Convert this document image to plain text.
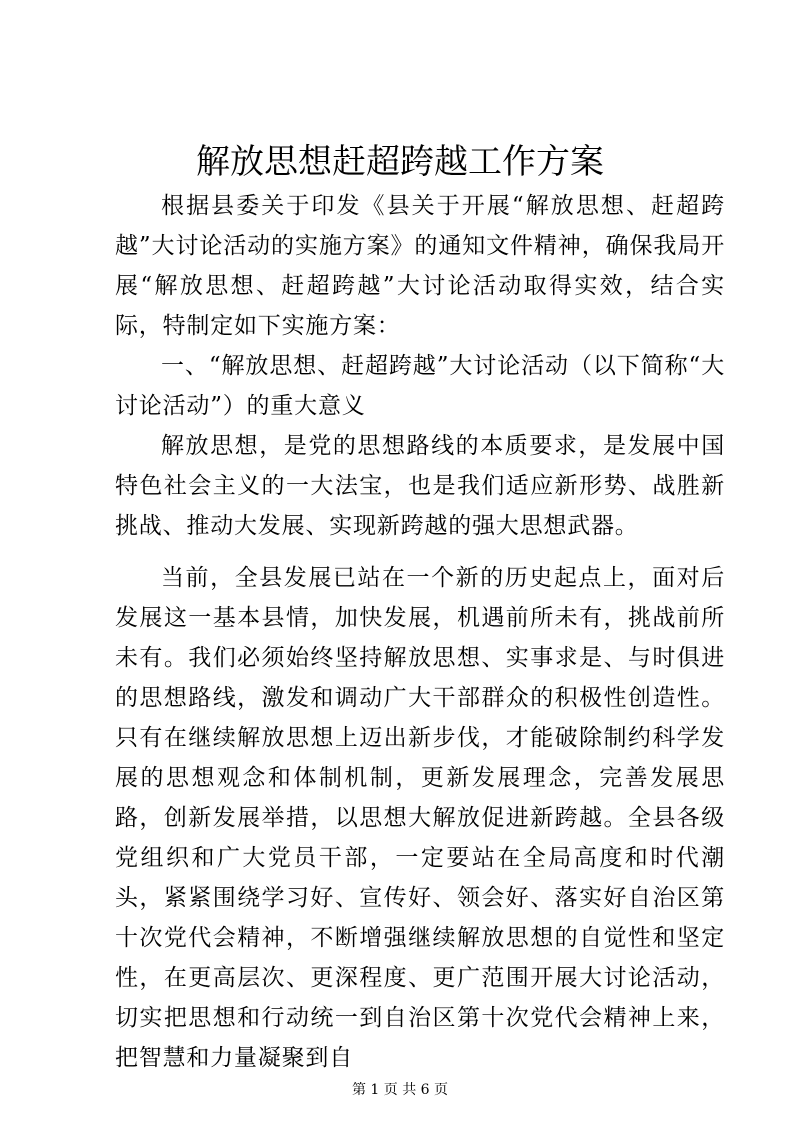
解放思想赶超跨越工作方案

根据县委关于印发《县关于开展“解放思想、赶超跨越”大讨论活动的实施方案》的通知文件精神，确保我局开展“解放思想、赶超跨越”大讨论活动取得实效，结合实际，特制定如下实施方案：

一、“解放思想、赶超跨越”大讨论活动（以下简称“大讨论活动”）的重大意义

解放思想，是党的思想路线的本质要求，是发展中国特色社会主义的一大法宝，也是我们适应新形势、战胜新挑战、推动大发展、实现新跨越的强大思想武器。

当前，全县发展已站在一个新的历史起点上，面对后发展这一基本县情，加快发展，机遇前所未有，挑战前所未有。我们必须始终坚持解放思想、实事求是、与时俱进的思想路线，激发和调动广大干部群众的积极性创造性。只有在继续解放思想上迈出新步伐，才能破除制约科学发展的思想观念和体制机制，更新发展理念，完善发展思路，创新发展举措，以思想大解放促进新跨越。全县各级党组织和广大党员干部，一定要站在全局高度和时代潮头，紧紧围绕学习好、宣传好、领会好、落实好自治区第十次党代会精神，不断增强继续解放思想的自觉性和坚定性，在更高层次、更深程度、更广范围开展大讨论活动，切实把思想和行动统一到自治区第十次党代会精神上来，把智慧和力量凝聚到自

第 1 页 共 6 页
